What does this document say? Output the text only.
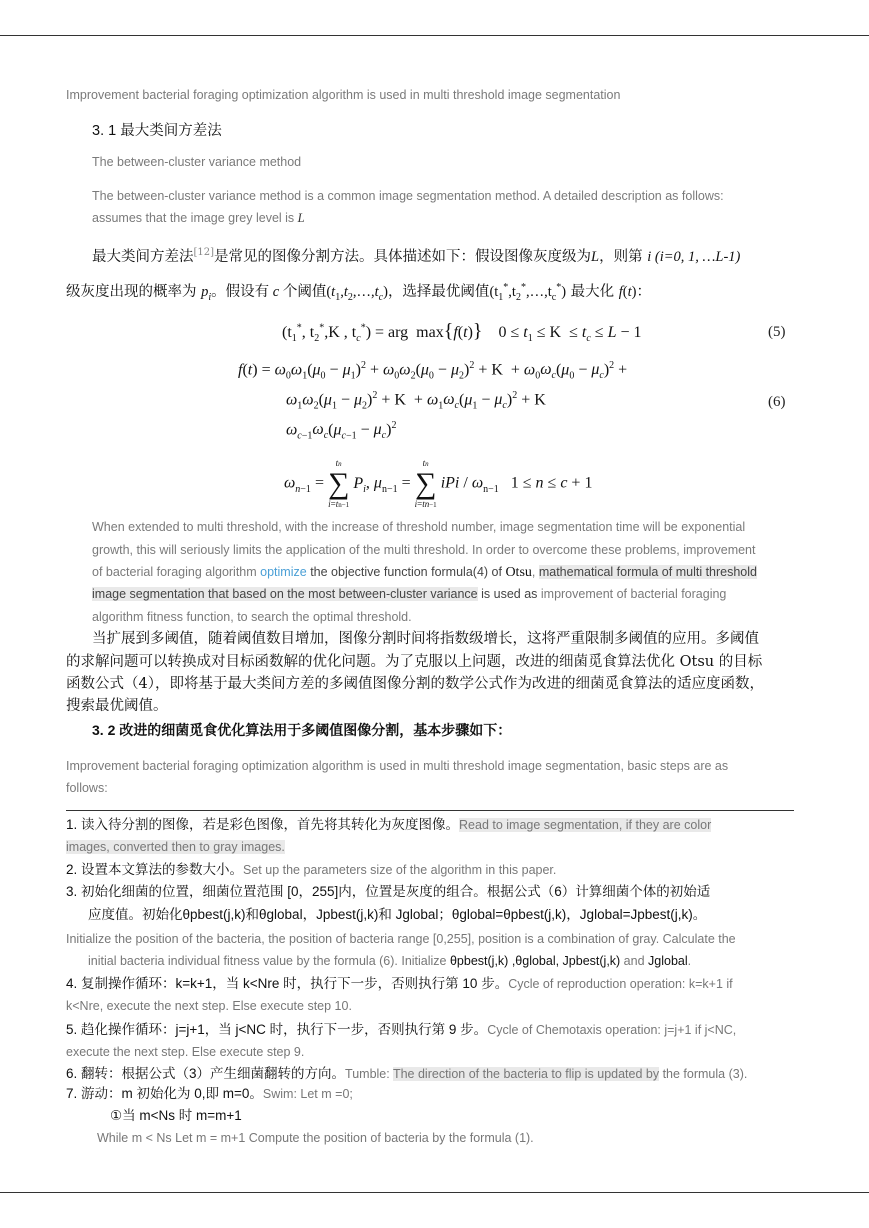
Improvement bacterial foraging optimization algorithm is used in multi threshold image segmentation
3. 1 最大类间方差法
The between-cluster variance method
The between-cluster variance method is a common image segmentation method. A detailed description as follows:
assumes that the image grey level is L
最大类间方差法[12]是常见的图像分割方法。具体描述如下：假设图像灰度级为L，则第 i (i=0, 1, …L-1)
级灰度出现的概率为 $p_i$。假设有 c 个阈值$(t_1,t_2,\dots,t_c)$，选择最优阈值$(t_1^*,t_2^*,\dots,t_c^*)$ 最大化 f(t)：
($t_1^*$, $t_2^*,K$ , $t_c^*$) = arg  max{f(t)}    $0 \le t_1 \le K \le t_c \le L - 1$	(5)
$f(t) = \omega_0\omega_1(\mu_0 - \mu_1)^2 + \omega_0\omega_2(\mu_0 - \mu_2)^2 + K + \omega_0\omega_c(\mu_0 - \mu_c)^2$ +
$\omega_1\omega_2(\mu_1 - \mu_2)^2 + K + \omega_1\omega_c(\mu_1 - \mu_c)^2 + K$	(6)
$\omega_{c-1}\omega_c(\mu_{c-1} - \mu_c)^2$
$\omega_{n-1}$ = tn
∑
i=tn−1 $P_i$, $\mu_{n-1}$ = tn
∑
i=tn−1 iPi / $\omega_{n-1}$   1 ≤ n ≤ c + 1
When extended to multi threshold, with the increase of threshold number, image segmentation time will be exponential
growth, this will seriously limits the application of the multi threshold. In order to overcome these problems, improvement
of bacterial foraging algorithm optimize the objective function formula(4) of Otsu, mathematical formula of multi threshold
image segmentation that based on the most between-cluster variance is used as improvement of bacterial foraging
algorithm fitness function, to search the optimal threshold.
当扩展到多阈值，随着阈值数目增加，图像分割时间将指数级增长，这将严重限制多阈值的应用。多阈值
的求解问题可以转换成对目标函数解的优化问题。为了克服以上问题，改进的细菌觅食算法优化 Otsu 的目标
函数公式（4），即将基于最大类间方差的多阈值图像分割的数学公式作为改进的细菌觅食算法的适应度函数，
搜索最优阈值。
3. 2 改进的细菌觅食优化算法用于多阈值图像分割，基本步骤如下：
Improvement bacterial foraging optimization algorithm is used in multi threshold image segmentation, basic steps are as
follows:
1. 读入待分割的图像，若是彩色图像，首先将其转化为灰度图像。Read to image segmentation, if they are color
images, converted then to gray images.
2. 设置本文算法的参数大小。Set up the parameters size of the algorithm in this paper.
3. 初始化细菌的位置，细菌位置范围 [0，255]内，位置是灰度的组合。根据公式（6）计算细菌个体的初始适
应度值。初始化θpbest(j,k)和θglobal，Jpbest(j,k)和 Jglobal；θglobal=θpbest(j,k)，Jglobal=Jpbest(j,k)。
Initialize the position of the bacteria, the position of bacteria range [0,255], position is a combination of gray. Calculate the
initial bacteria individual fitness value by the formula (6). Initialize θpbest(j,k) ,θglobal, Jpbest(j,k) and Jglobal.
4. 复制操作循环：k=k+1，当 k<Nre 时，执行下一步，否则执行第 10 步。Cycle of reproduction operation: k=k+1 if
k<Nre, execute the next step. Else execute step 10.
5. 趋化操作循环：j=j+1，当 j<NC 时，执行下一步，否则执行第 9 步。Cycle of Chemotaxis operation: j=j+1 if j<NC,
execute the next step. Else execute step 9.
6. 翻转：根据公式（3）产生细菌翻转的方向。Tumble: The direction of the bacteria to flip is updated by the formula (3).
7. 游动：m 初始化为 0,即 m=0。Swim: Let m =0;
①当 m<Ns 时 m=m+1
While m < Ns Let m = m+1 Compute the position of bacteria by the formula (1).
